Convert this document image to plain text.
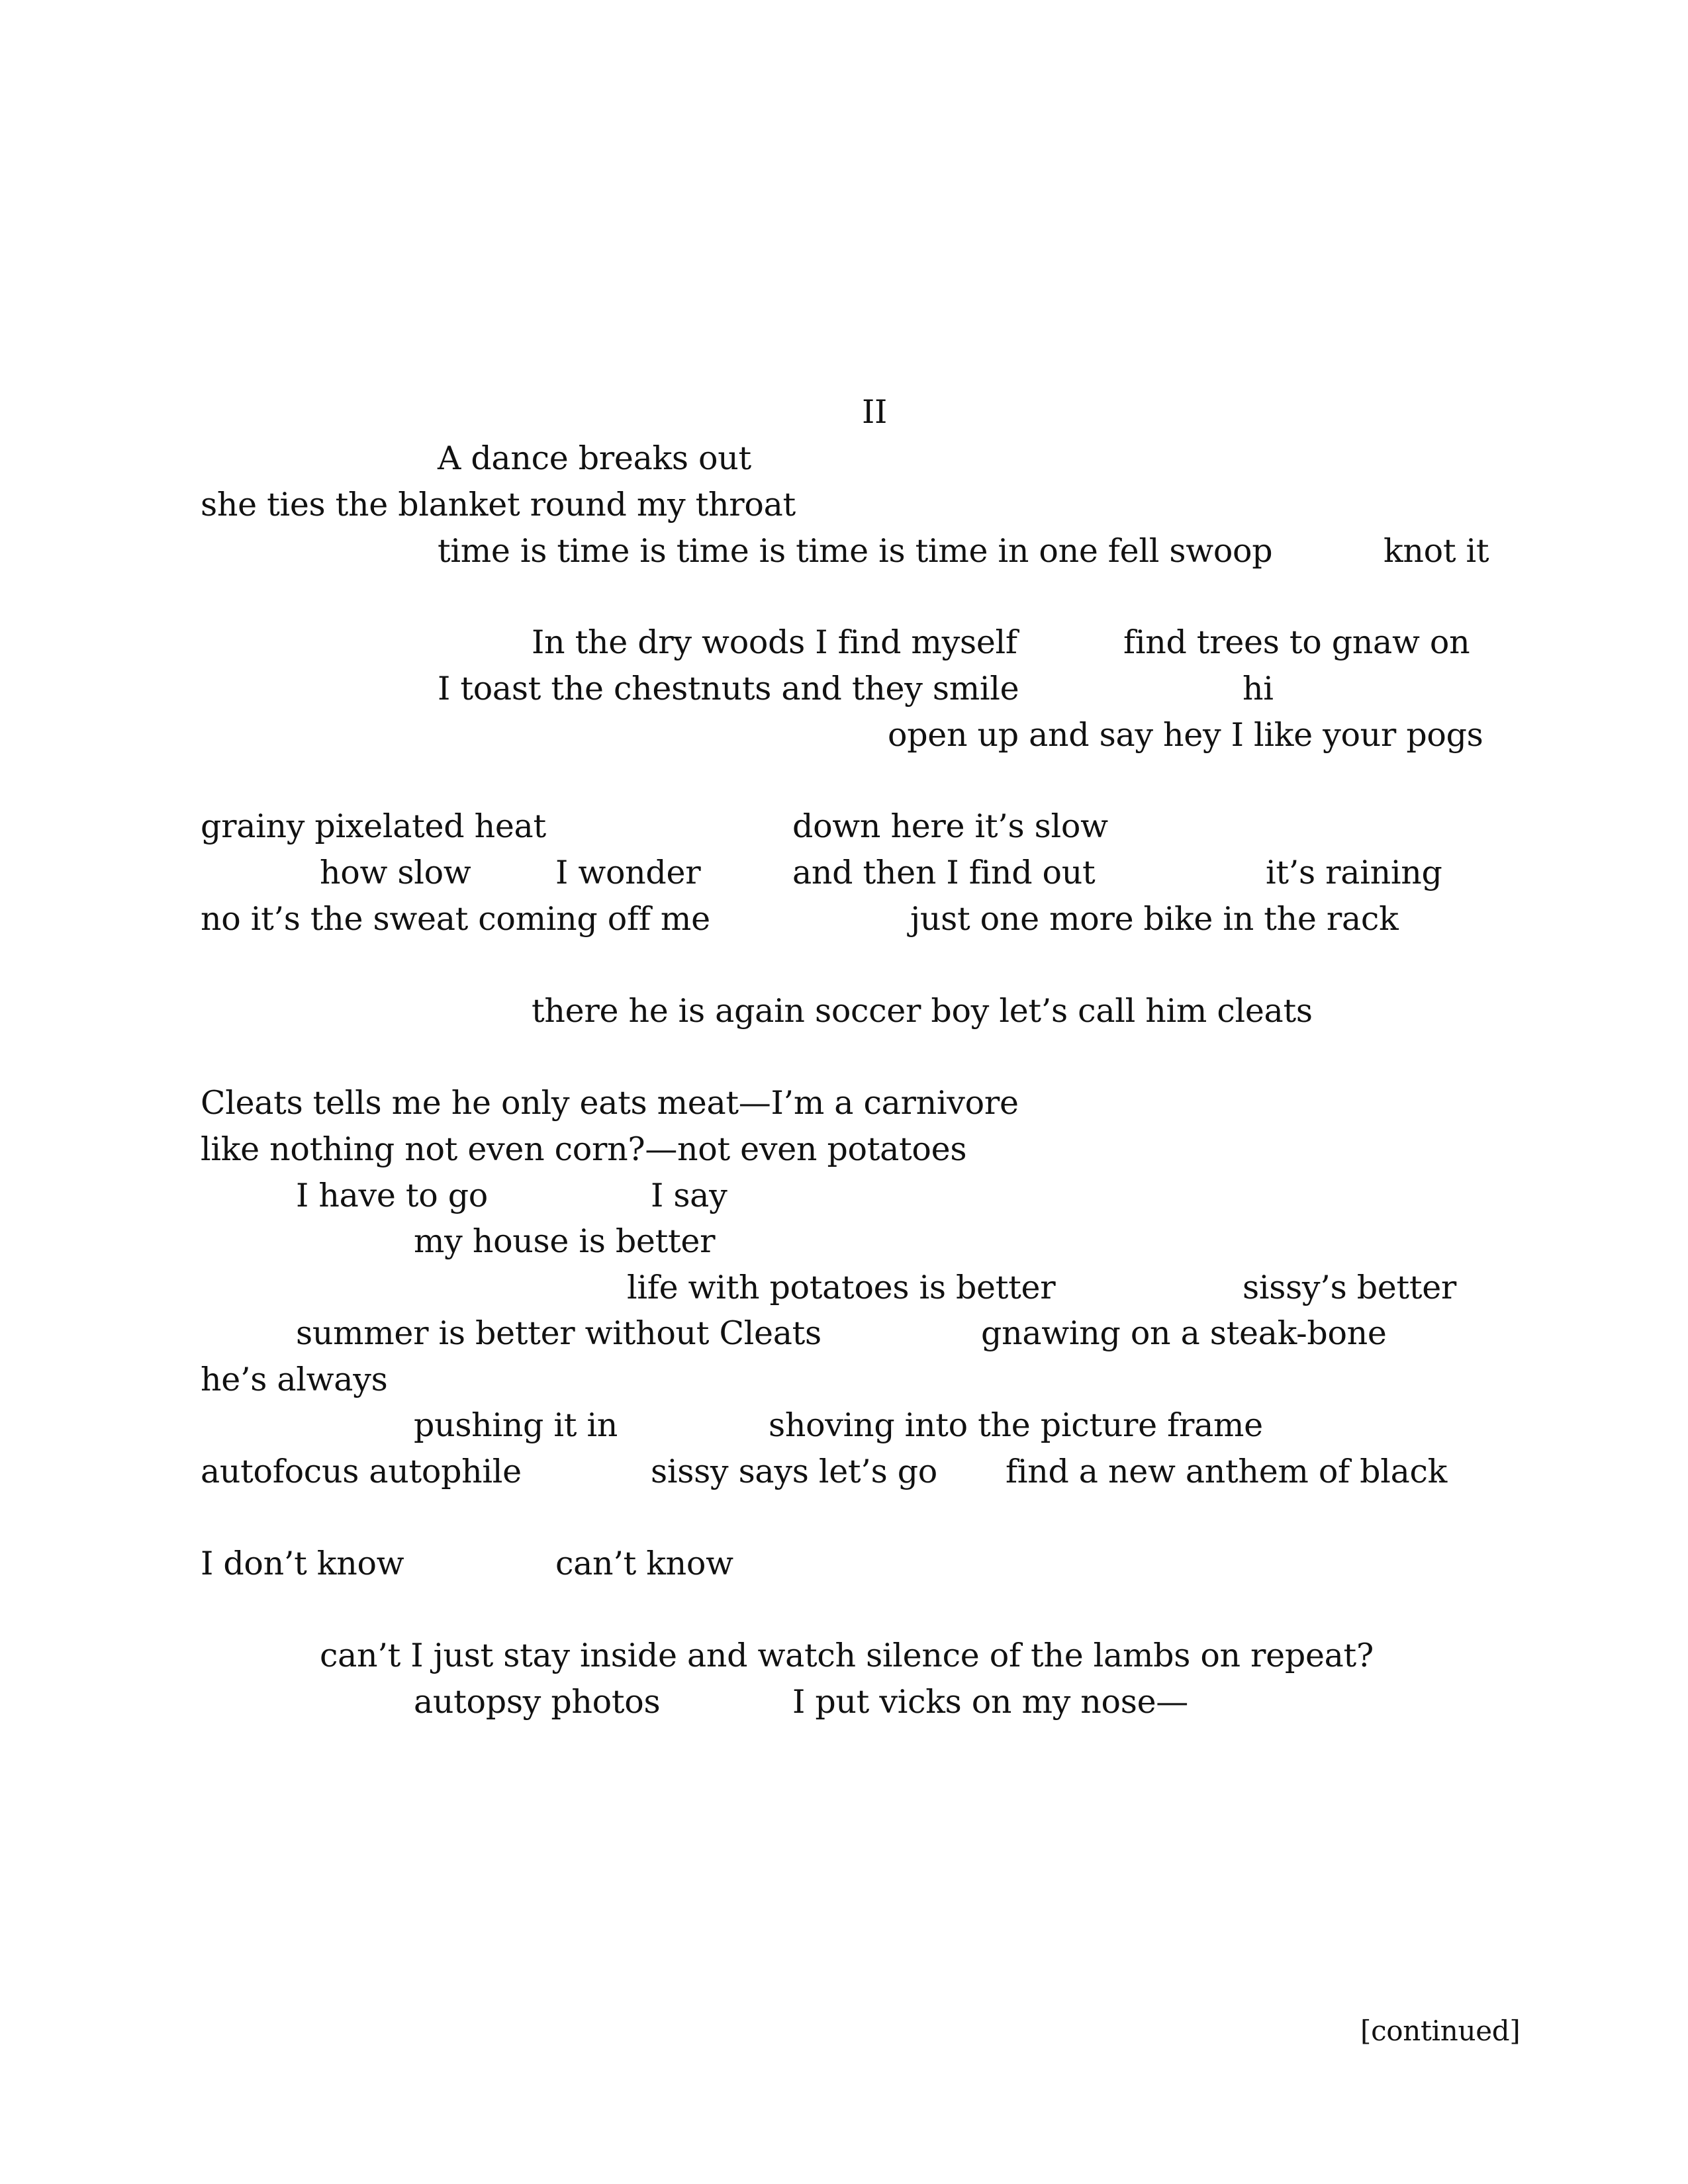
II
A dance breaks out
she ties the blanket round my throat
time is time is time is time is time in one fell swoop	knot it
In the dry woods I find myself	find trees to gnaw on
I toast the chestnuts and they smile	hi
open up and say hey I like your pogs
grainy pixelated heat	down here it’s slow
how slow	I wonder	and then I find out	it’s raining
no it’s the sweat coming off me	just one more bike in the rack
there he is again soccer boy let’s call him cleats
Cleats tells me he only eats meat—I’m a carnivore
like nothing not even corn?—not even potatoes
I have to go	I say
my house is better
life with potatoes is better	sissy’s better
summer is better without Cleats	gnawing on a steak-bone
he’s always
pushing it in	shoving into the picture frame
autofocus autophile	sissy says let’s go find a new anthem of black
I don’t know	can’t know
can’t I just stay inside and watch silence of the lambs on repeat?
autopsy photos	I put vicks on my nose—
[continued]
